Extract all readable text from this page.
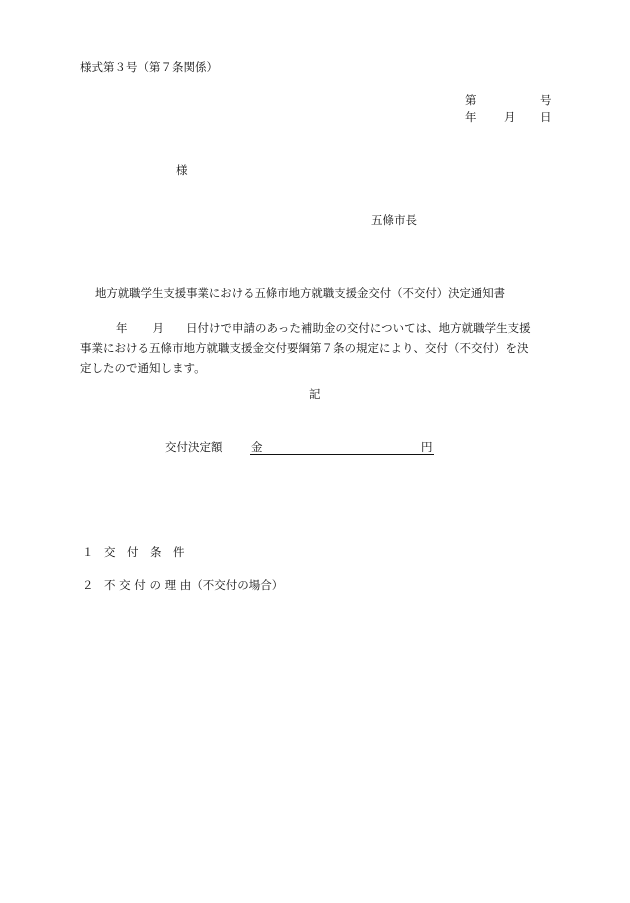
様式第３号（第７条関係）
第	号
年 月 日
様
五條市長
地方就職学生支援事業における五條市地方就職支援金交付（不交付）決定通知書
年 月 日付けで申請のあった補助金の交付については、地方就職学生支援
事業における五條市地方就職支援金交付要綱第７条の規定により、交付（不交付）を決
定したので通知します。
記
交付決定額 金	円
１ 交　付　条　件
２ 不 交 付 の 理 由（不交付の場合）
